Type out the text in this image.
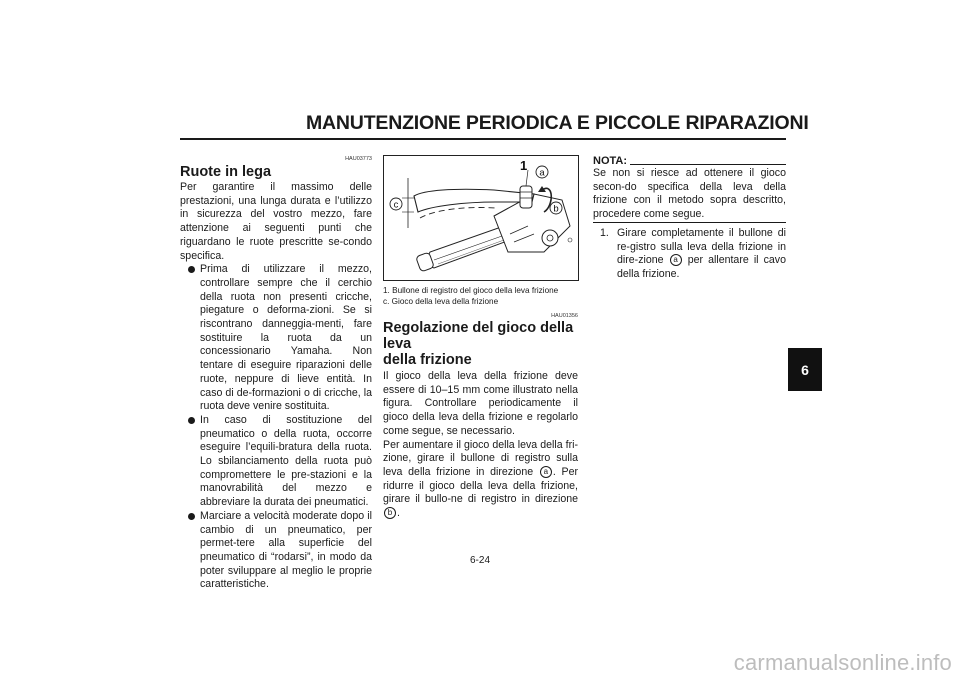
MANUTENZIONE PERIODICA E PICCOLE RIPARAZIONI
HAU03773
Ruote in lega
Per garantire il massimo delle prestazioni, una lunga durata e l’utilizzo in sicurezza del vostro mezzo, fare attenzione ai seguenti punti che riguardano le ruote prescritte se-condo specifica.
Prima di utilizzare il mezzo, controllare sempre che il cerchio della ruota non presenti cricche, piegature o deforma-zioni. Se si riscontrano danneggia-menti, fare sostituire la ruota da un concessionario Yamaha. Non tentare di eseguire riparazioni delle ruote, neppure di lieve entità. In caso di de-formazioni o di cricche, la ruota deve venire sostituita.
In caso di sostituzione del pneumatico o della ruota, occorre eseguire l’equili-bratura della ruota. Lo sbilanciamento della ruota può compromettere le pre-stazioni e la manovrabilità del mezzo e abbreviare la durata dei pneumatici.
Marciare a velocità moderate dopo il cambio di un pneumatico, per permet-tere alla superficie del pneumatico di “rodarsi”, in modo da poter sviluppare al meglio le proprie caratteristiche.
1 a
b
c
1. Bullone di registro del gioco della leva frizione
c. Gioco della leva della frizione
HAU01356
Regolazione del gioco della leva
della frizione
Il gioco della leva della frizione deve essere di 10–15 mm come illustrato nella figura. Controllare periodicamente il gioco della leva della frizione e regolarlo come segue, se necessario.
Per aumentare il gioco della leva della fri-zione, girare il bullone di registro sulla leva della frizione in direzione a . Per ridurre il gioco della leva della frizione, girare il bullo-ne di registro in direzione b .
NOTA:
Se non si riesce ad ottenere il gioco secon-do specifica della leva della frizione con il metodo sopra descritto, procedere come segue.
1. Girare completamente il bullone di re-gistro sulla leva della frizione in dire-zione a per allentare il cavo della frizione.
6
6-24
carmanualsonline.info
